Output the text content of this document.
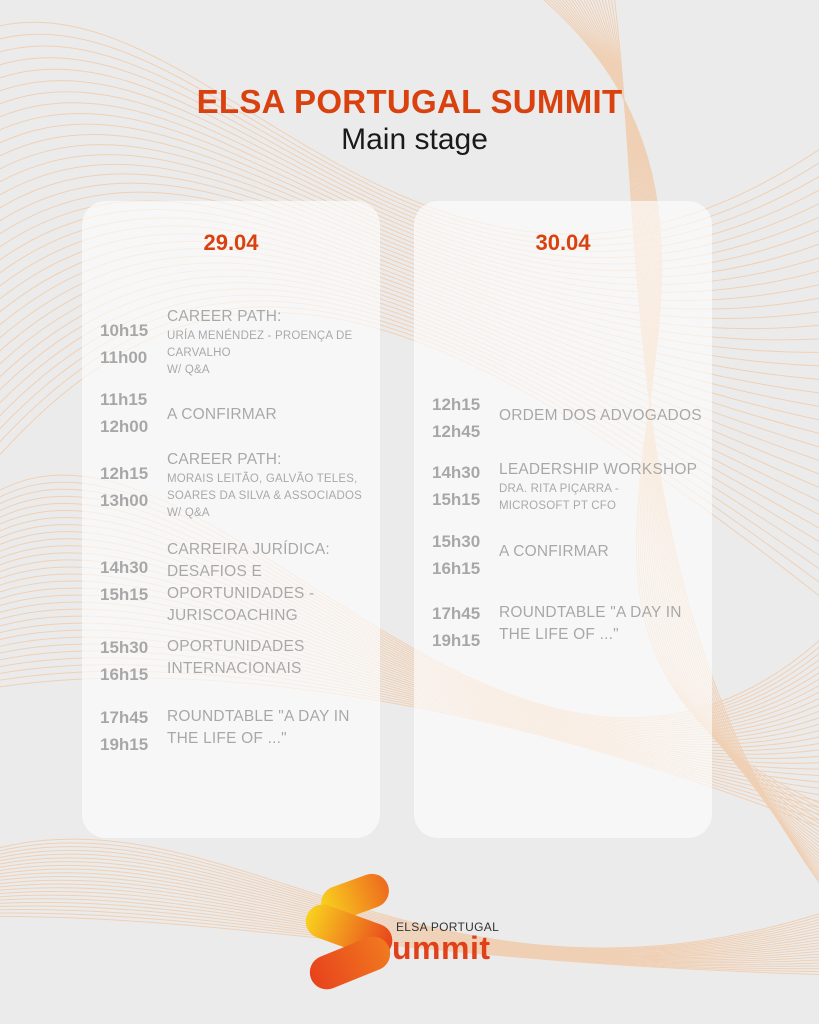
ELSA PORTUGAL SUMMIT
Main stage
29.04	30.04
ELSA PORTUGAL
ummit
